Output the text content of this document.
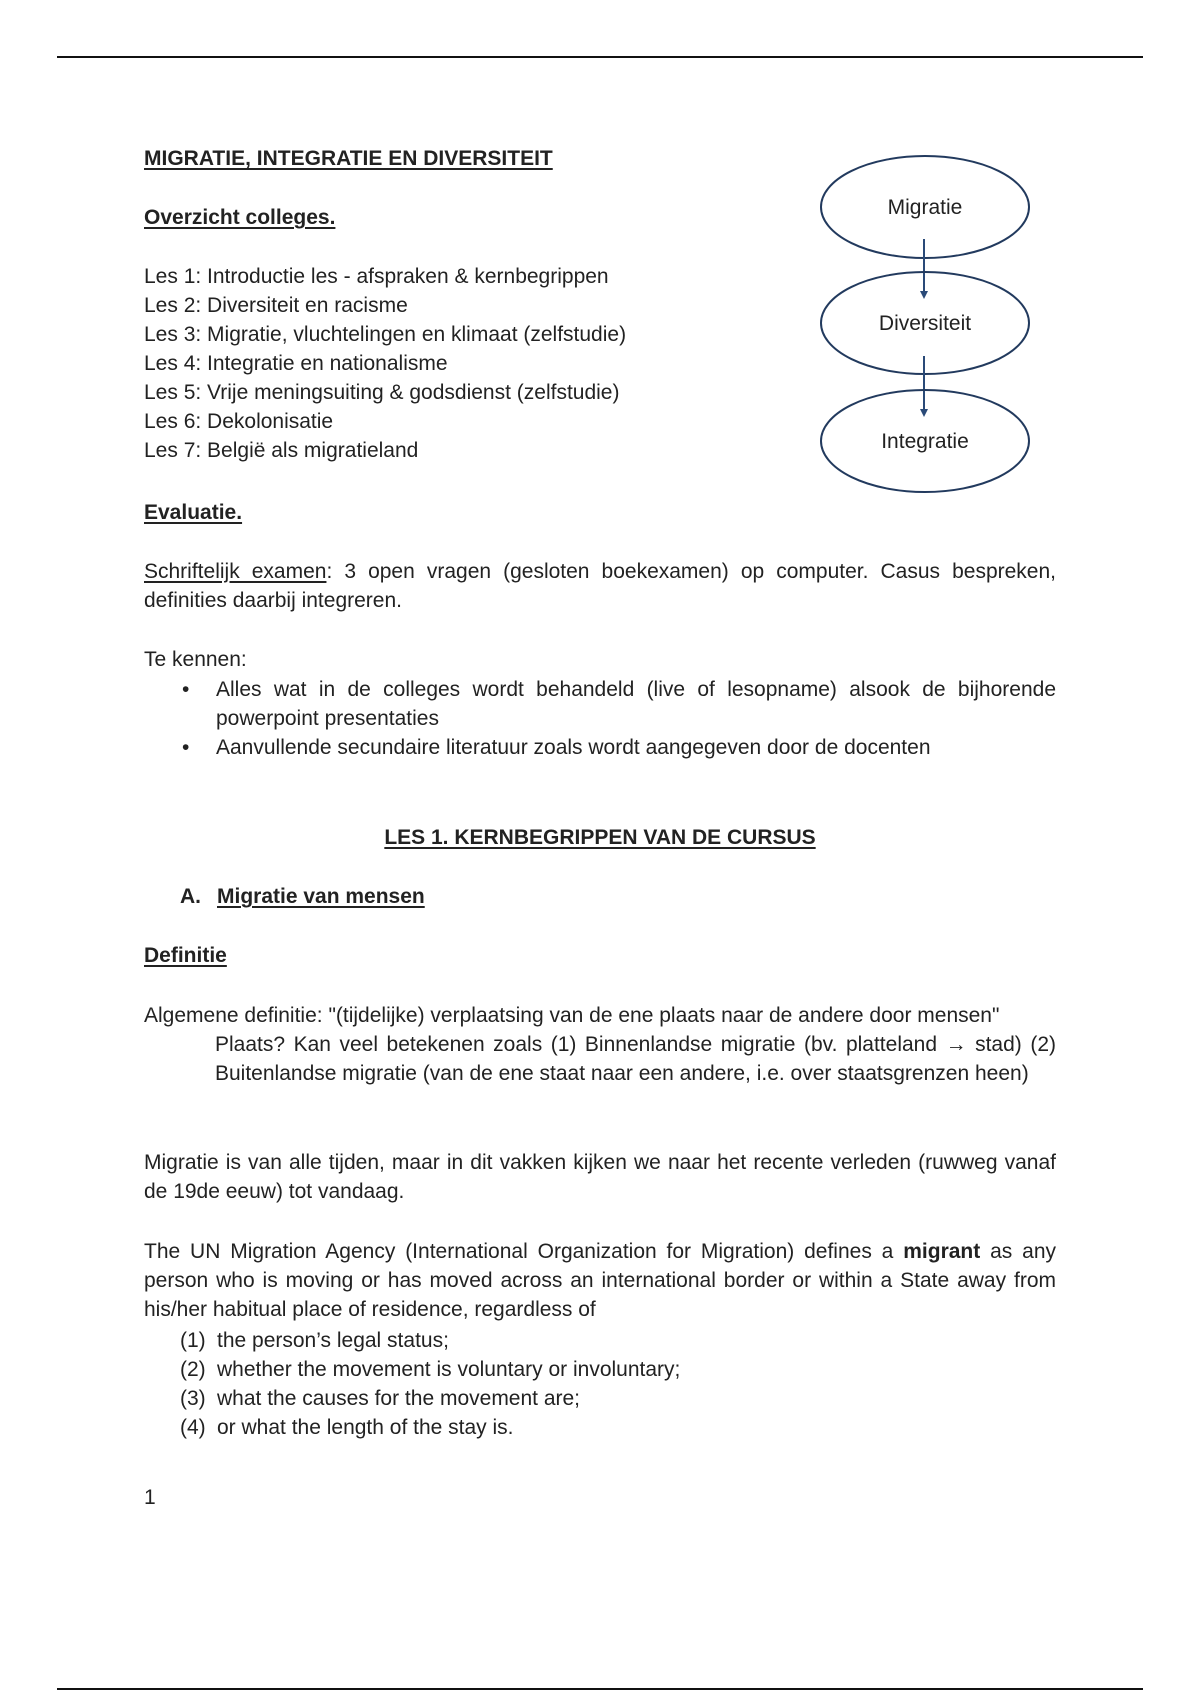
MIGRATIE, INTEGRATIE EN DIVERSITEIT
Overzicht colleges.
Les 1: Introductie les - afspraken & kernbegrippen
Les 2: Diversiteit en racisme
Les 3: Migratie, vluchtelingen en klimaat (zelfstudie)
Les 4: Integratie en nationalisme
Les 5: Vrije meningsuiting & godsdienst (zelfstudie)
Les 6: Dekolonisatie
Les 7: België als migratieland
Migratie
Diversiteit
Integratie
Evaluatie.
Schriftelijk examen: 3 open vragen (gesloten boekexamen) op computer. Casus bespreken, definities daarbij integreren.
Te kennen:
• Alles wat in de colleges wordt behandeld (live of lesopname) alsook de bijhorende powerpoint presentaties
• Aanvullende secundaire literatuur zoals wordt aangegeven door de docenten
LES 1. KERNBEGRIPPEN VAN DE CURSUS
A. Migratie van mensen
Definitie
Algemene definitie: "(tijdelijke) verplaatsing van de ene plaats naar de andere door mensen"
Plaats? Kan veel betekenen zoals (1) Binnenlandse migratie (bv. platteland → stad) (2) Buitenlandse migratie (van de ene staat naar een andere, i.e. over staatsgrenzen heen)
Migratie is van alle tijden, maar in dit vakken kijken we naar het recente verleden (ruwweg vanaf de 19de eeuw) tot vandaag.
The UN Migration Agency (International Organization for Migration) defines a migrant as any person who is moving or has moved across an international border or within a State away from his/her habitual place of residence, regardless of
(1) the person’s legal status;
(2) whether the movement is voluntary or involuntary;
(3) what the causes for the movement are;
(4) or what the length of the stay is.
1
